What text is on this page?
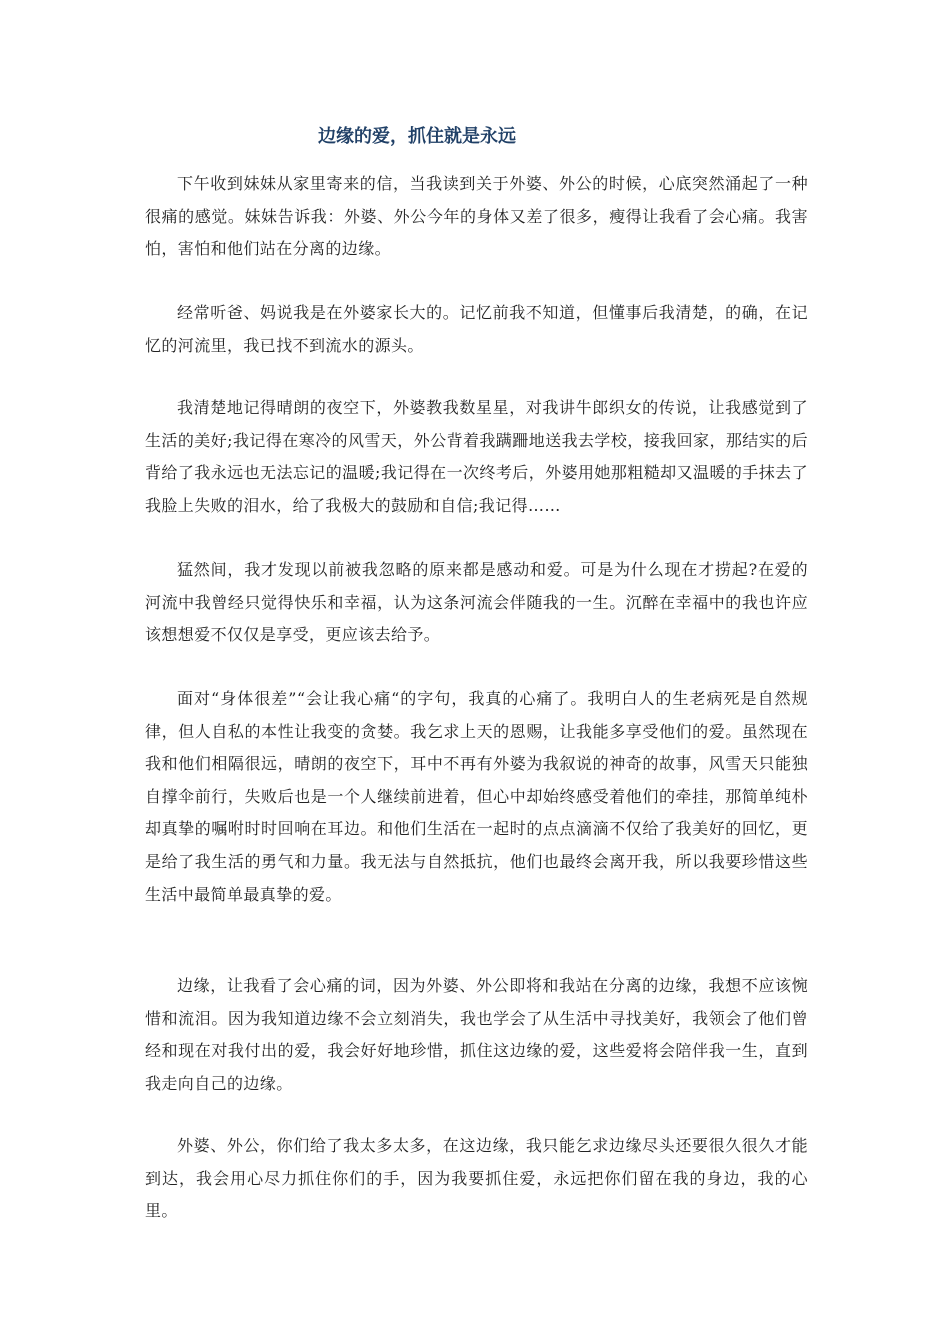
边缘的爱，抓住就是永远

下午收到妹妹从家里寄来的信，当我读到关于外婆、外公的时候，心底突然涌起了一种很痛的感觉。妹妹告诉我：外婆、外公今年的身体又差了很多，瘦得让我看了会心痛。我害怕，害怕和他们站在分离的边缘。

经常听爸、妈说我是在外婆家长大的。记忆前我不知道，但懂事后我清楚，的确，在记忆的河流里，我已找不到流水的源头。

我清楚地记得晴朗的夜空下，外婆教我数星星，对我讲牛郎织女的传说，让我感觉到了生活的美好;我记得在寒冷的风雪天，外公背着我蹒跚地送我去学校，接我回家，那结实的后背给了我永远也无法忘记的温暖;我记得在一次终考后，外婆用她那粗糙却又温暖的手抹去了我脸上失败的泪水，给了我极大的鼓励和自信;我记得……

猛然间，我才发现以前被我忽略的原来都是感动和爱。可是为什么现在才捞起?在爱的河流中我曾经只觉得快乐和幸福，认为这条河流会伴随我的一生。沉醉在幸福中的我也许应该想想爱不仅仅是享受，更应该去给予。

面对“身体很差”“会让我心痛“的字句，我真的心痛了。我明白人的生老病死是自然规律，但人自私的本性让我变的贪婪。我乞求上天的恩赐，让我能多享受他们的爱。虽然现在我和他们相隔很远，晴朗的夜空下，耳中不再有外婆为我叙说的神奇的故事，风雪天只能独自撑伞前行，失败后也是一个人继续前进着，但心中却始终感受着他们的牵挂，那简单纯朴却真挚的嘱咐时时回响在耳边。和他们生活在一起时的点点滴滴不仅给了我美好的回忆，更是给了我生活的勇气和力量。我无法与自然抵抗，他们也最终会离开我，所以我要珍惜这些生活中最简单最真挚的爱。

边缘，让我看了会心痛的词，因为外婆、外公即将和我站在分离的边缘，我想不应该惋惜和流泪。因为我知道边缘不会立刻消失，我也学会了从生活中寻找美好，我领会了他们曾经和现在对我付出的爱，我会好好地珍惜，抓住这边缘的爱，这些爱将会陪伴我一生，直到我走向自己的边缘。

外婆、外公，你们给了我太多太多，在这边缘，我只能乞求边缘尽头还要很久很久才能到达，我会用心尽力抓住你们的手，因为我要抓住爱，永远把你们留在我的身边，我的心里。
